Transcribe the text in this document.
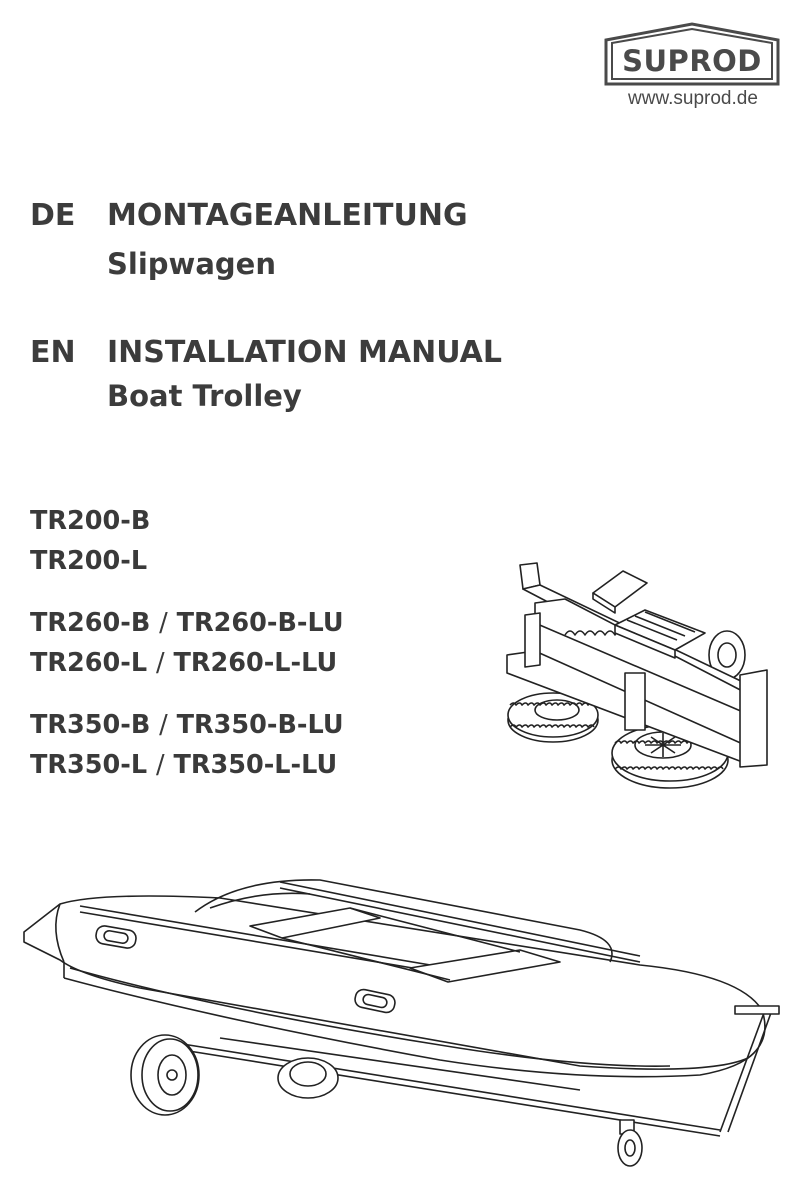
SUPROD
www.suprod.de
DE MONTAGEANLEITUNG
Slipwagen
EN INSTALLATION MANUAL
Boat Trolley
TR200-B
TR200-L
TR260-B / TR260-B-LU
TR260-L / TR260-L-LU
TR350-B / TR350-B-LU
TR350-L / TR350-L-LU
